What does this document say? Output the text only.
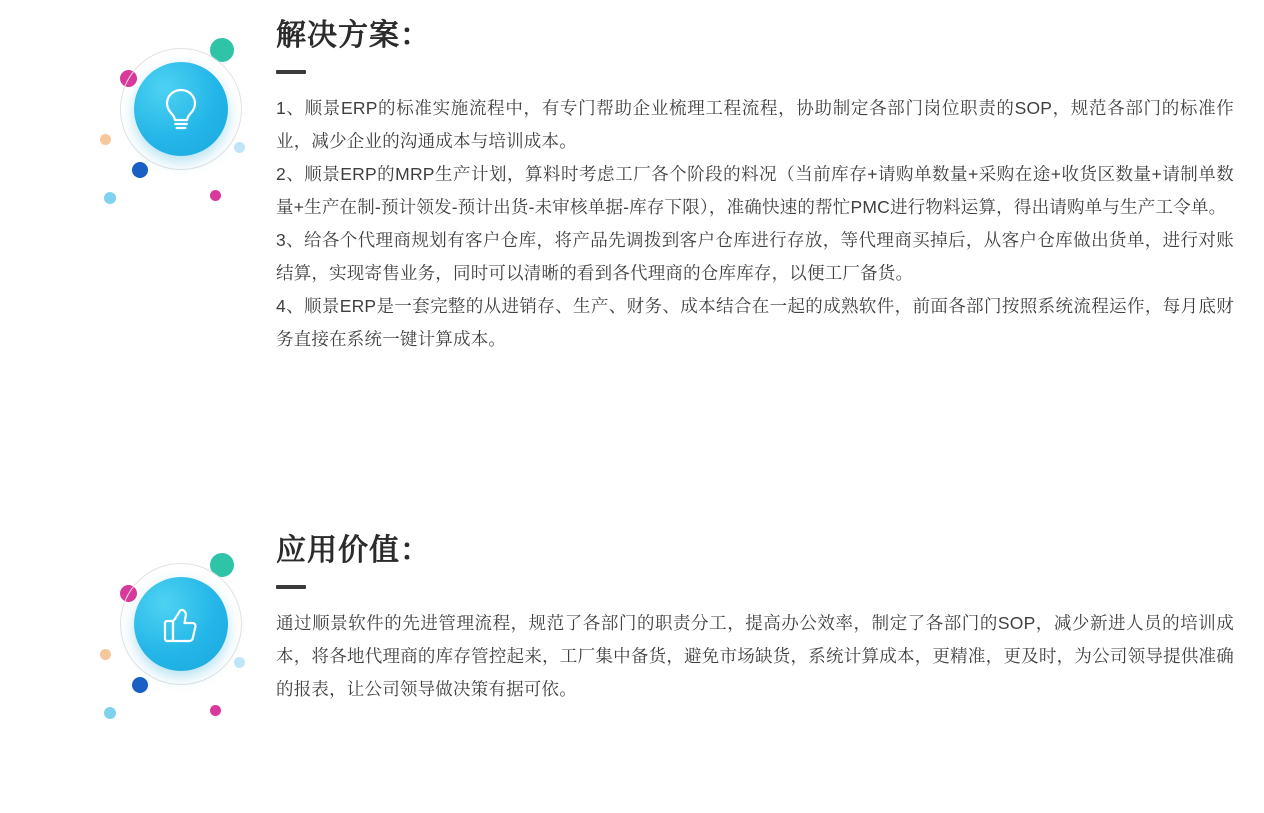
解决方案：

1、顺景ERP的标准实施流程中，有专门帮助企业梳理工程流程，协助制定各部门岗位职责的SOP，规范各部门的标准作业，减少企业的沟通成本与培训成本。

2、顺景ERP的MRP生产计划，算料时考虑工厂各个阶段的料况（当前库存+请购单数量+采购在途+收货区数量+请制单数量+生产在制-预计领发-预计出货-未审核单据-库存下限），准确快速的帮忙PMC进行物料运算，得出请购单与生产工令单。

3、给各个代理商规划有客户仓库，将产品先调拨到客户仓库进行存放，等代理商买掉后，从客户仓库做出货单，进行对账结算，实现寄售业务，同时可以清晰的看到各代理商的仓库库存，以便工厂备货。

4、顺景ERP是一套完整的从进销存、生产、财务、成本结合在一起的成熟软件，前面各部门按照系统流程运作，每月底财务直接在系统一键计算成本。

应用价值：

通过顺景软件的先进管理流程，规范了各部门的职责分工，提高办公效率，制定了各部门的SOP，减少新进人员的培训成本，将各地代理商的库存管控起来，工厂集中备货，避免市场缺货，系统计算成本，更精准，更及时，为公司领导提供准确的报表，让公司领导做决策有据可依。
